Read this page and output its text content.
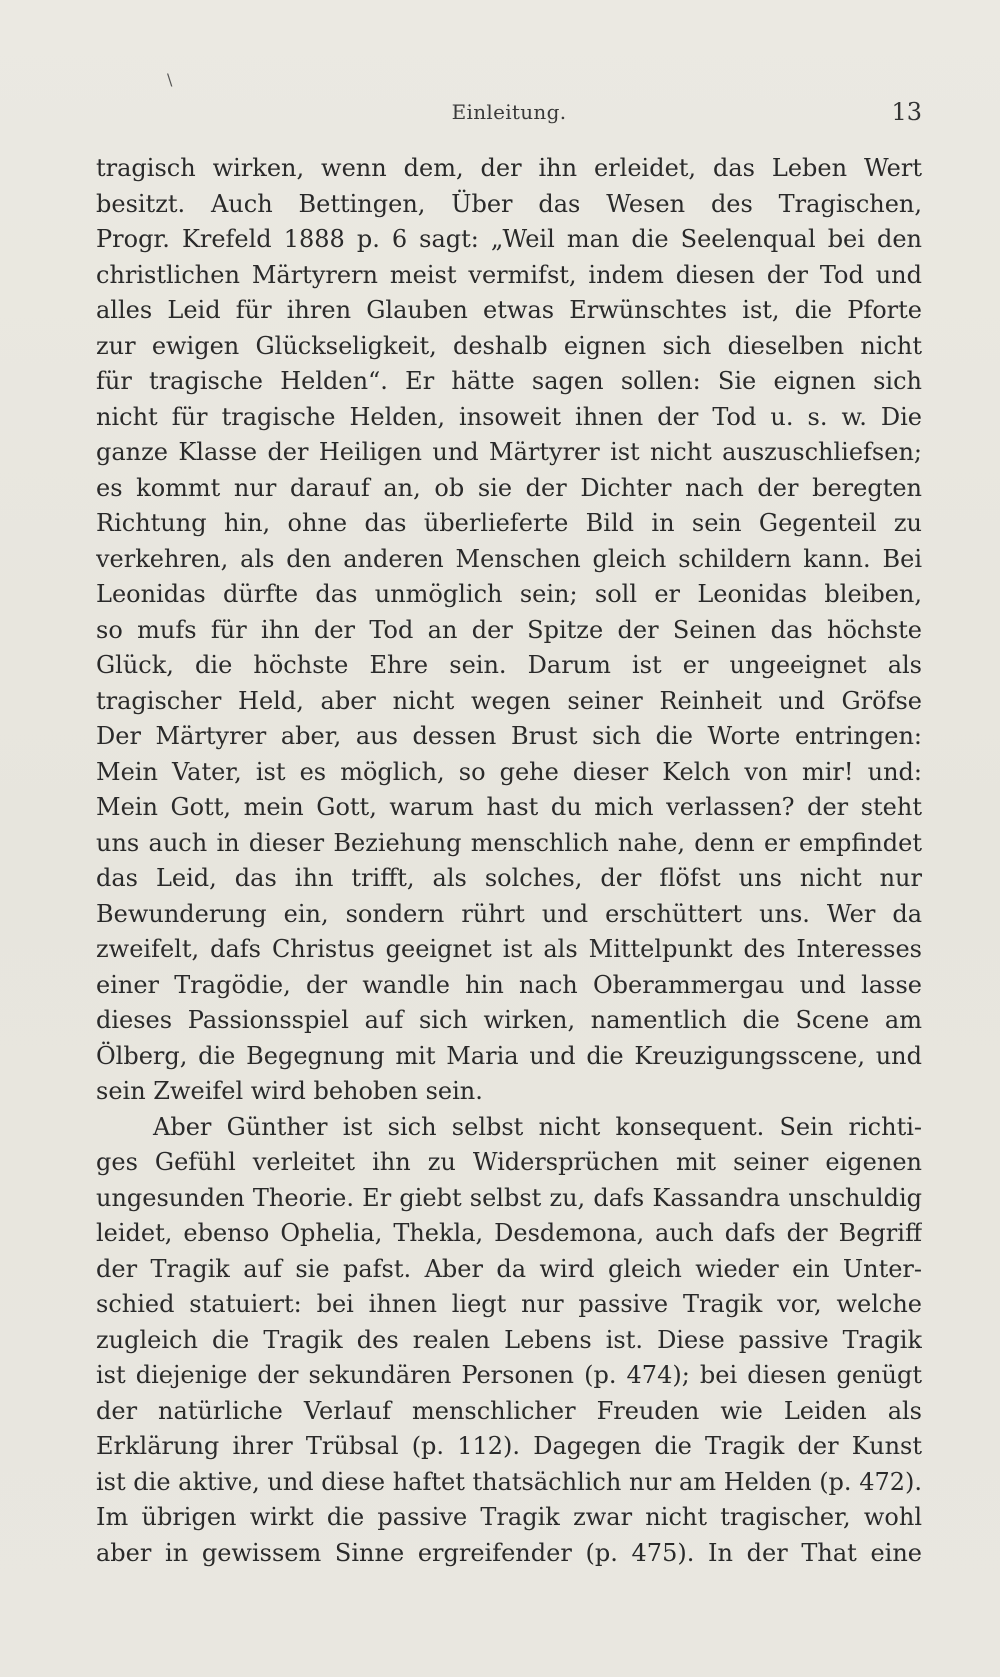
\
Einleitung.	13
tragisch wirken, wenn dem, der ihn erleidet, das Leben Wert
besitzt. Auch Bettingen, Über das Wesen des Tragischen,
Progr. Krefeld 1888 p. 6 sagt: „Weil man die Seelenqual bei den
christlichen Märtyrern meist vermifst, indem diesen der Tod und
alles Leid für ihren Glauben etwas Erwünschtes ist, die Pforte
zur ewigen Glückseligkeit, deshalb eignen sich dieselben nicht
für tragische Helden“. Er hätte sagen sollen: Sie eignen sich
nicht für tragische Helden, insoweit ihnen der Tod u. s. w. Die
ganze Klasse der Heiligen und Märtyrer ist nicht auszuschliefsen;
es kommt nur darauf an, ob sie der Dichter nach der beregten
Richtung hin, ohne das überlieferte Bild in sein Gegenteil zu
verkehren, als den anderen Menschen gleich schildern kann. Bei
Leonidas dürfte das unmöglich sein; soll er Leonidas bleiben,
so mufs für ihn der Tod an der Spitze der Seinen das höchste
Glück, die höchste Ehre sein. Darum ist er ungeeignet als
tragischer Held, aber nicht wegen seiner Reinheit und Gröfse
Der Märtyrer aber, aus dessen Brust sich die Worte entringen:
Mein Vater, ist es möglich, so gehe dieser Kelch von mir! und:
Mein Gott, mein Gott, warum hast du mich verlassen? der steht
uns auch in dieser Beziehung menschlich nahe, denn er empfindet
das Leid, das ihn trifft, als solches, der flöfst uns nicht nur
Bewunderung ein, sondern rührt und erschüttert uns. Wer da
zweifelt, dafs Christus geeignet ist als Mittelpunkt des Interesses
einer Tragödie, der wandle hin nach Oberammergau und lasse
dieses Passionsspiel auf sich wirken, namentlich die Scene am
Ölberg, die Begegnung mit Maria und die Kreuzigungsscene, und
sein Zweifel wird behoben sein.
Aber Günther ist sich selbst nicht konsequent. Sein richti-
ges Gefühl verleitet ihn zu Widersprüchen mit seiner eigenen
ungesunden Theorie. Er giebt selbst zu, dafs Kassandra unschuldig
leidet, ebenso Ophelia, Thekla, Desdemona, auch dafs der Begriff
der Tragik auf sie pafst. Aber da wird gleich wieder ein Unter-
schied statuiert: bei ihnen liegt nur passive Tragik vor, welche
zugleich die Tragik des realen Lebens ist. Diese passive Tragik
ist diejenige der sekundären Personen (p. 474); bei diesen genügt
der natürliche Verlauf menschlicher Freuden wie Leiden als
Erklärung ihrer Trübsal (p. 112). Dagegen die Tragik der Kunst
ist die aktive, und diese haftet thatsächlich nur am Helden (p. 472).
Im übrigen wirkt die passive Tragik zwar nicht tragischer, wohl
aber in gewissem Sinne ergreifender (p. 475). In der That eine
